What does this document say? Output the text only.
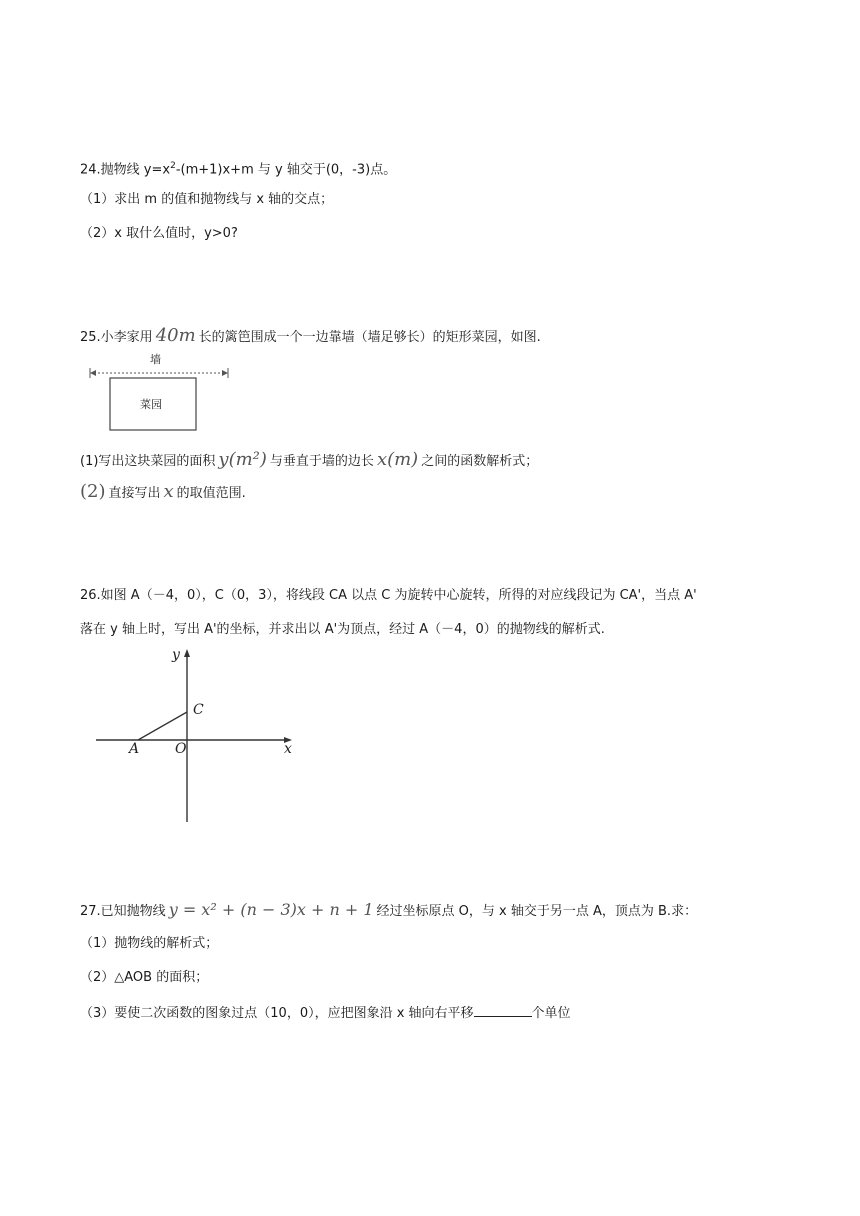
24.抛物线 $y=x^2-(m+1)x+m$ 与 y 轴交于(0，-3)点。
（1）求出 m 的值和抛物线与 x 轴的交点；
（2）x 取什么值时，y>0?
25.小李家用 40m 长的篱笆围成一个一边靠墙（墙足够长）的矩形菜园，如图.
墙
菜园
(1)写出这块菜园的面积 y(m²) 与垂直于墙的边长 x(m) 之间的函数解析式；
(2) 直接写出 x 的取值范围.
26.如图 A（－4，0），C（0，3），将线段 CA 以点 C 为旋转中心旋转，所得的对应线段记为 CA'，当点 A'
落在 y 轴上时，写出 A'的坐标，并求出以 A'为顶点，经过 A（－4，0）的抛物线的解析式.
y
x
A	O
C
27.已知抛物线 y = x² + (n − 3)x + n + 1 经过坐标原点 O，与 x 轴交于另一点 A，顶点为 B.求：
（1）抛物线的解析式；
（2）△AOB 的面积；
（3）要使二次函数的图象过点（10，0），应把图象沿 x 轴向右平移	个单位
